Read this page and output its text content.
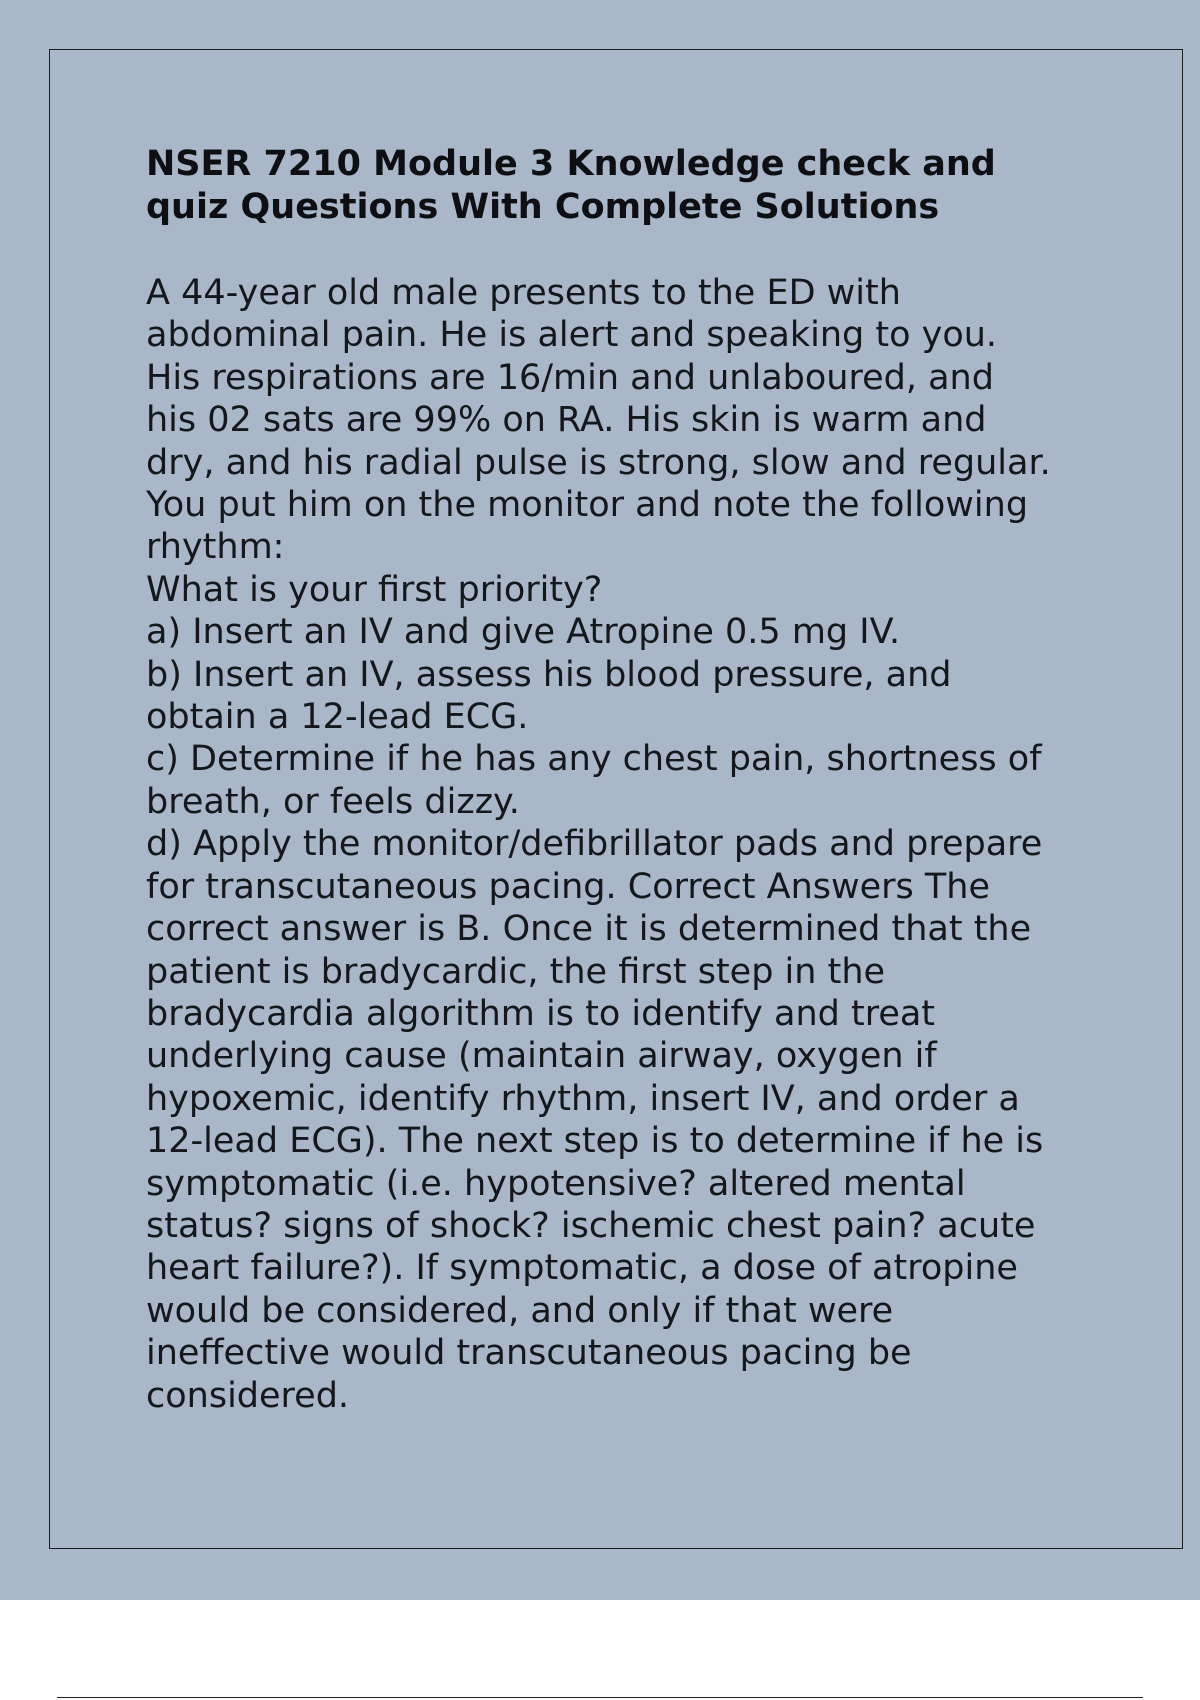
NSER 7210 Module 3 Knowledge check and
quiz Questions With Complete Solutions

A 44-year old male presents to the ED with

abdominal pain. He is alert and speaking to you.

His respirations are 16/min and unlaboured, and

his 02 sats are 99% on RA. His skin is warm and

dry, and his radial pulse is strong, slow and regular.

You put him on the monitor and note the following

rhythm:

What is your first priority?

a) Insert an IV and give Atropine 0.5 mg IV.

b) Insert an IV, assess his blood pressure, and

obtain a 12-lead ECG.

c) Determine if he has any chest pain, shortness of

breath, or feels dizzy.

d) Apply the monitor/defibrillator pads and prepare

for transcutaneous pacing. Correct Answers The

correct answer is B. Once it is determined that the

patient is bradycardic, the first step in the

bradycardia algorithm is to identify and treat

underlying cause (maintain airway, oxygen if

hypoxemic, identify rhythm, insert IV, and order a

12-lead ECG). The next step is to determine if he is

symptomatic (i.e. hypotensive? altered mental

status? signs of shock? ischemic chest pain? acute

heart failure?). If symptomatic, a dose of atropine

would be considered, and only if that were

ineffective would transcutaneous pacing be

considered.
